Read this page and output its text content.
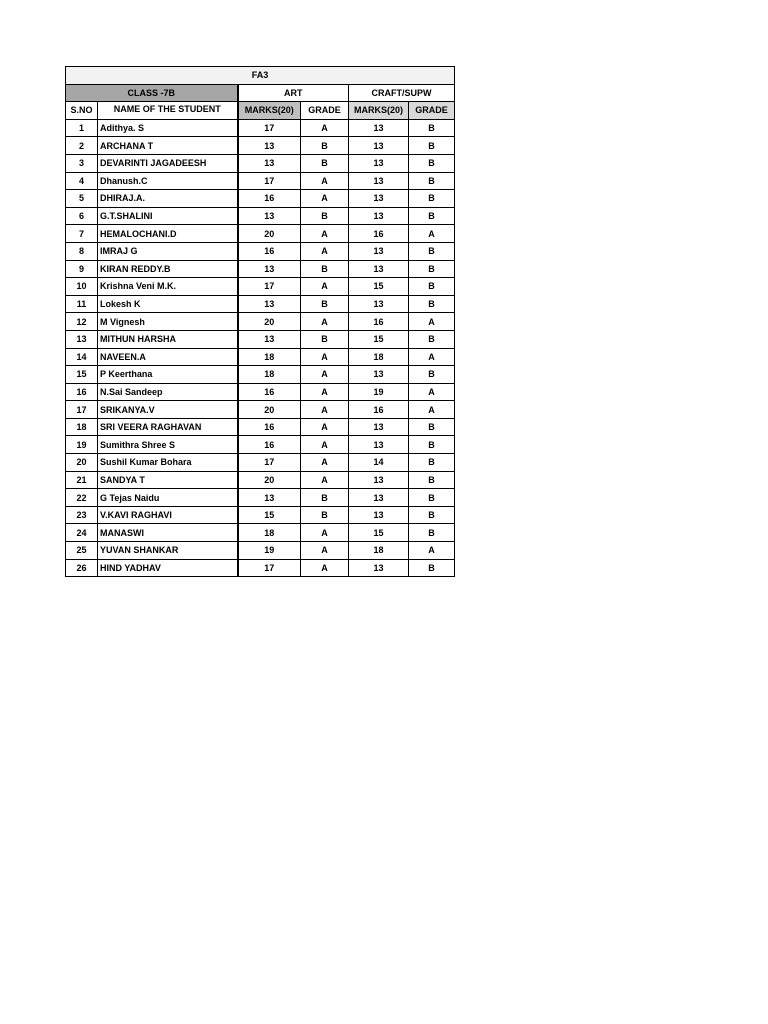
FA3					
CLASS -7B		ART		CRAFT/SUPW	
S.NO	NAME OF THE STUDENT	MARKS(20)	GRADE	MARKS(20)	GRADE
1	Adithya. S	17	A	13	B
2	ARCHANA T	13	B	13	B
3	DEVARINTI JAGADEESH	13	B	13	B
4	Dhanush.C	17	A	13	B
5	DHIRAJ.A.	16	A	13	B
6	G.T.SHALINI	13	B	13	B
7	HEMALOCHANI.D	20	A	16	A
8	IMRAJ G	16	A	13	B
9	KIRAN REDDY.B	13	B	13	B
10	Krishna Veni M.K.	17	A	15	B
11	Lokesh K	13	B	13	B
12	M Vignesh	20	A	16	A
13	MITHUN HARSHA	13	B	15	B
14	NAVEEN.A	18	A	18	A
15	P Keerthana	18	A	13	B
16	N.Sai Sandeep	16	A	19	A
17	SRIKANYA.V	20	A	16	A
18	SRI VEERA RAGHAVAN	16	A	13	B
19	Sumithra Shree S	16	A	13	B
20	Sushil Kumar Bohara	17	A	14	B
21	SANDYA T	20	A	13	B
22	G Tejas Naidu	13	B	13	B
23	V.KAVI RAGHAVI	15	B	13	B
24	MANASWI	18	A	15	B
25	YUVAN SHANKAR	19	A	18	A
26	HIND YADHAV	17	A	13	B
